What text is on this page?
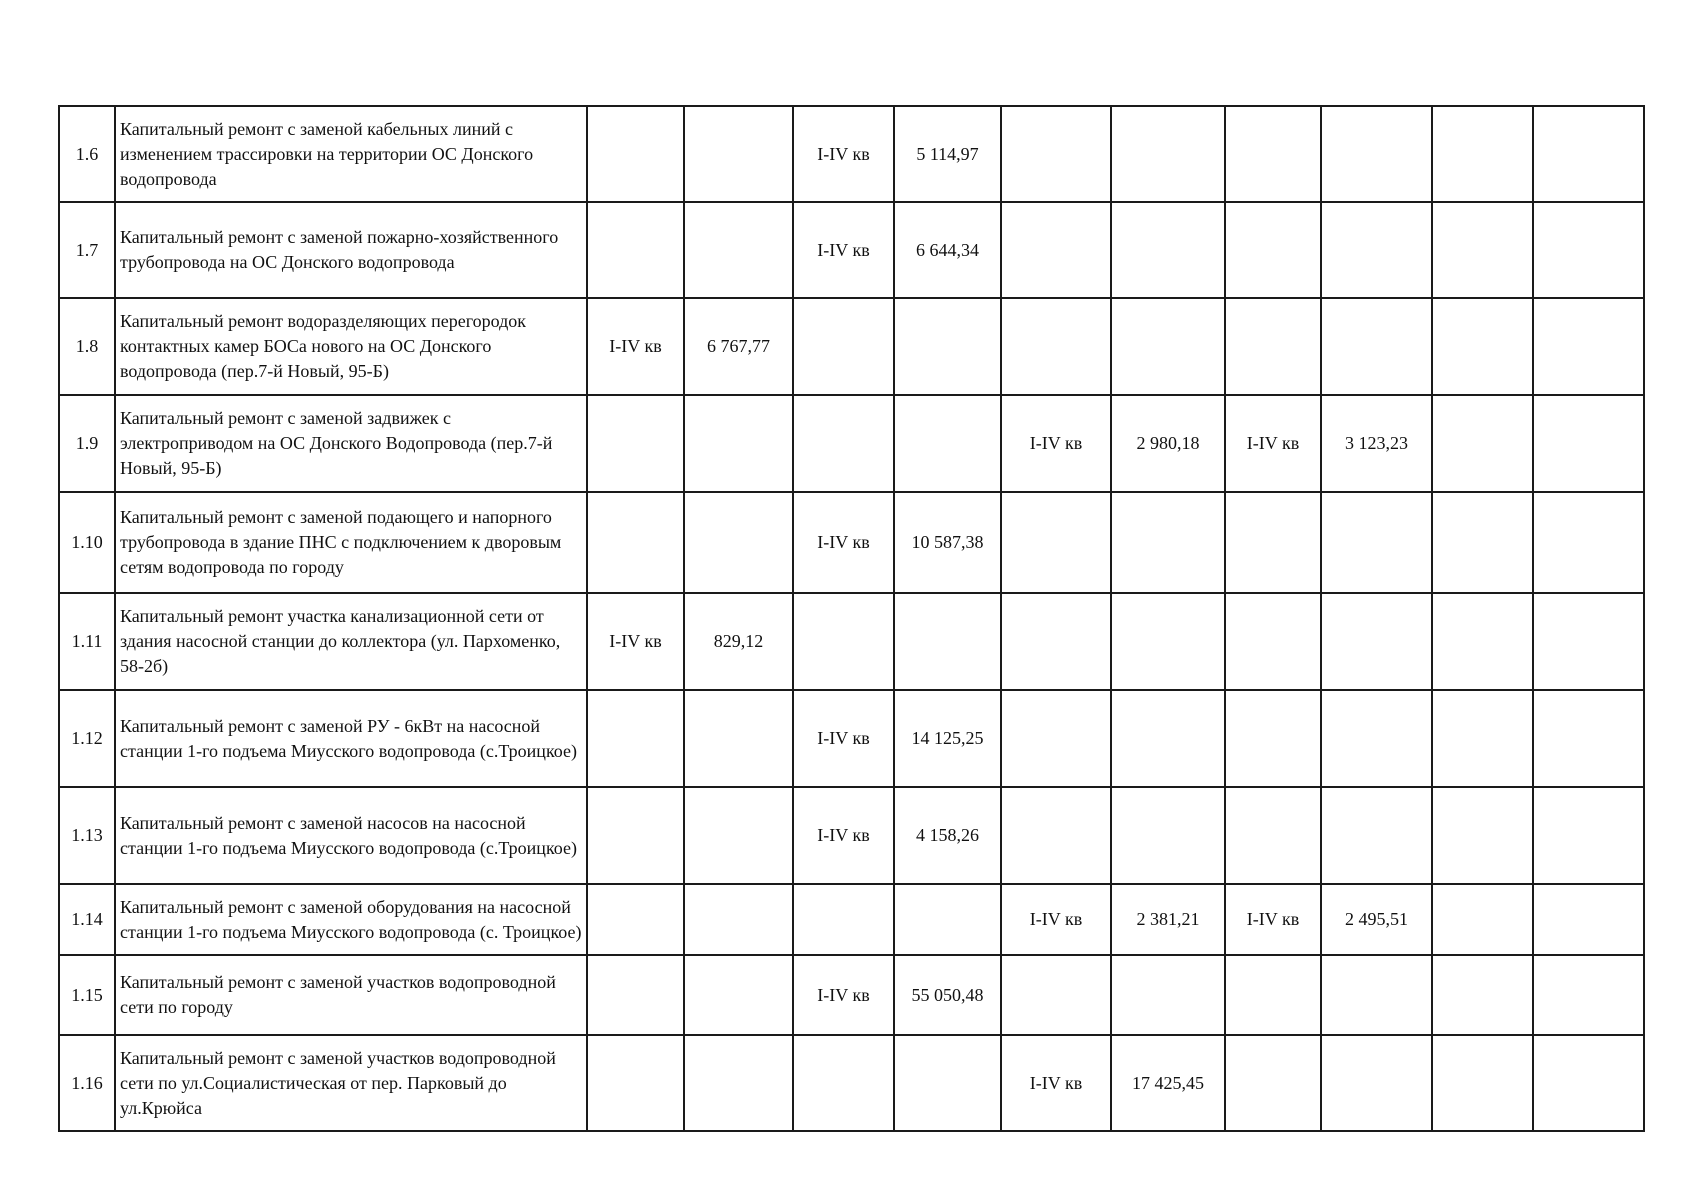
1.6	Капитальный ремонт с заменой кабельных линий с изменением трассировки на территории ОС Донского водопровода			I-IV кв	5 114,97						
1.7	Капитальный ремонт с заменой пожарно-хозяйственного трубопровода на ОС Донского водопровода			I-IV кв	6 644,34						
1.8	Капитальный ремонт водоразделяющих перегородок контактных камер БОСа нового на ОС Донского водопровода (пер.7-й Новый, 95-Б)	I-IV кв	6 767,77								
1.9	Капитальный ремонт с заменой задвижек с электроприводом на ОС Донского Водопровода (пер.7-й Новый, 95-Б)					I-IV кв	2 980,18	I-IV кв	3 123,23		
1.10	Капитальный ремонт с заменой подающего и напорного трубопровода в здание ПНС с подключением к дворовым сетям водопровода по городу			I-IV кв	10 587,38						
1.11	Капитальный ремонт участка канализационной сети от здания насосной станции до коллектора (ул. Пархоменко, 58-2б)	I-IV кв	829,12								
1.12	Капитальный ремонт с заменой РУ - 6кВт на насосной станции 1-го подъема Миусского водопровода (с.Троицкое)			I-IV кв	14 125,25						
1.13	Капитальный ремонт с заменой насосов на насосной станции 1-го подъема Миусского водопровода (с.Троицкое)			I-IV кв	4 158,26						
1.14	Капитальный ремонт с заменой оборудования на насосной станции 1-го подъема Миусского водопровода (с. Троицкое)					I-IV кв	2 381,21	I-IV кв	2 495,51		
1.15	Капитальный ремонт с заменой участков водопроводной сети по городу			I-IV кв	55 050,48						
1.16	Капитальный ремонт с заменой участков водопроводной сети по ул.Социалистическая от пер. Парковый до ул.Крюйса					I-IV кв	17 425,45				
